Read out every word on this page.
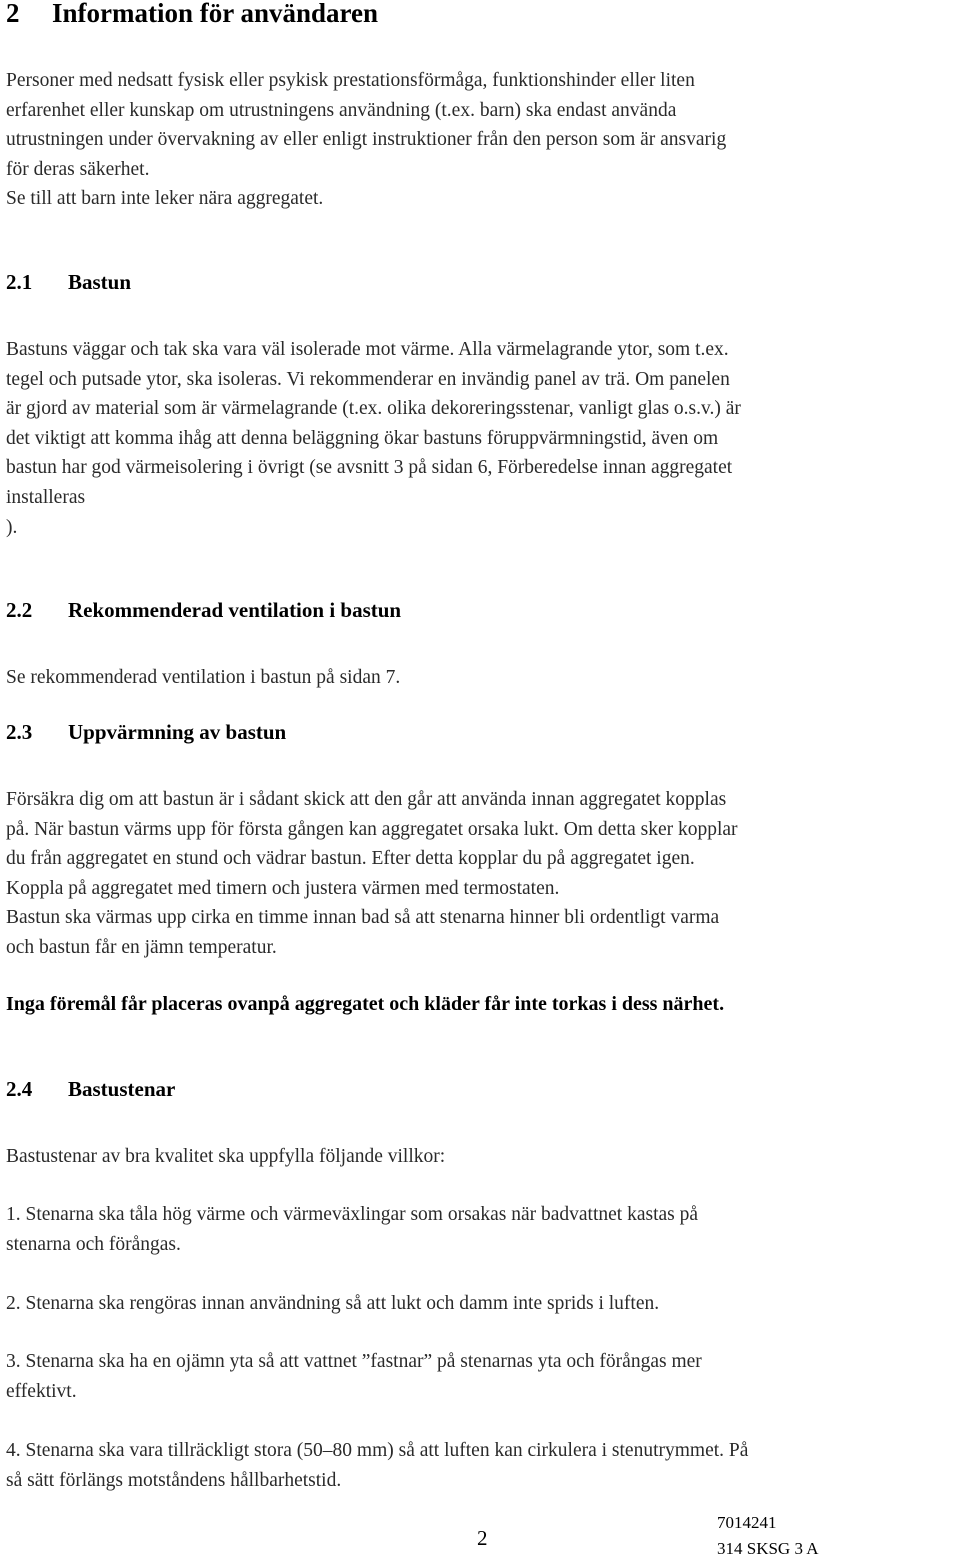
2 Information för användaren
Personer med nedsatt fysisk eller psykisk prestationsförmåga, funktionshinder eller liten
erfarenhet eller kunskap om utrustningens användning (t.ex. barn) ska endast använda
utrustningen under övervakning av eller enligt instruktioner från den person som är ansvarig
för deras säkerhet.
Se till att barn inte leker nära aggregatet.
2.1 Bastun
Bastuns väggar och tak ska vara väl isolerade mot värme. Alla värmelagrande ytor, som t.ex.
tegel och putsade ytor, ska isoleras. Vi rekommenderar en invändig panel av trä. Om panelen
är gjord av material som är värmelagrande (t.ex. olika dekoreringsstenar, vanligt glas o.s.v.) är
det viktigt att komma ihåg att denna beläggning ökar bastuns föruppvärmningstid, även om
bastun har god värmeisolering i övrigt (se avsnitt 3 på sidan 6, Förberedelse innan aggregatet
installeras
).
2.2 Rekommenderad ventilation i bastun
Se rekommenderad ventilation i bastun på sidan 7.
2.3 Uppvärmning av bastun
Försäkra dig om att bastun är i sådant skick att den går att använda innan aggregatet kopplas
på. När bastun värms upp för första gången kan aggregatet orsaka lukt. Om detta sker kopplar
du från aggregatet en stund och vädrar bastun. Efter detta kopplar du på aggregatet igen.
Koppla på aggregatet med timern och justera värmen med termostaten.
Bastun ska värmas upp cirka en timme innan bad så att stenarna hinner bli ordentligt varma
och bastun får en jämn temperatur.
Inga föremål får placeras ovanpå aggregatet och kläder får inte torkas i dess närhet.
2.4 Bastustenar
Bastustenar av bra kvalitet ska uppfylla följande villkor:
1. Stenarna ska tåla hög värme och värmeväxlingar som orsakas när badvattnet kastas på
stenarna och förångas.
2. Stenarna ska rengöras innan användning så att lukt och damm inte sprids i luften.
3. Stenarna ska ha en ojämn yta så att vattnet ”fastnar” på stenarnas yta och förångas mer
effektivt.
4. Stenarna ska vara tillräckligt stora (50–80 mm) så att luften kan cirkulera i stenutrymmet. På
så sätt förlängs motståndens hållbarhetstid.
2
7014241
314 SKSG 3 A
